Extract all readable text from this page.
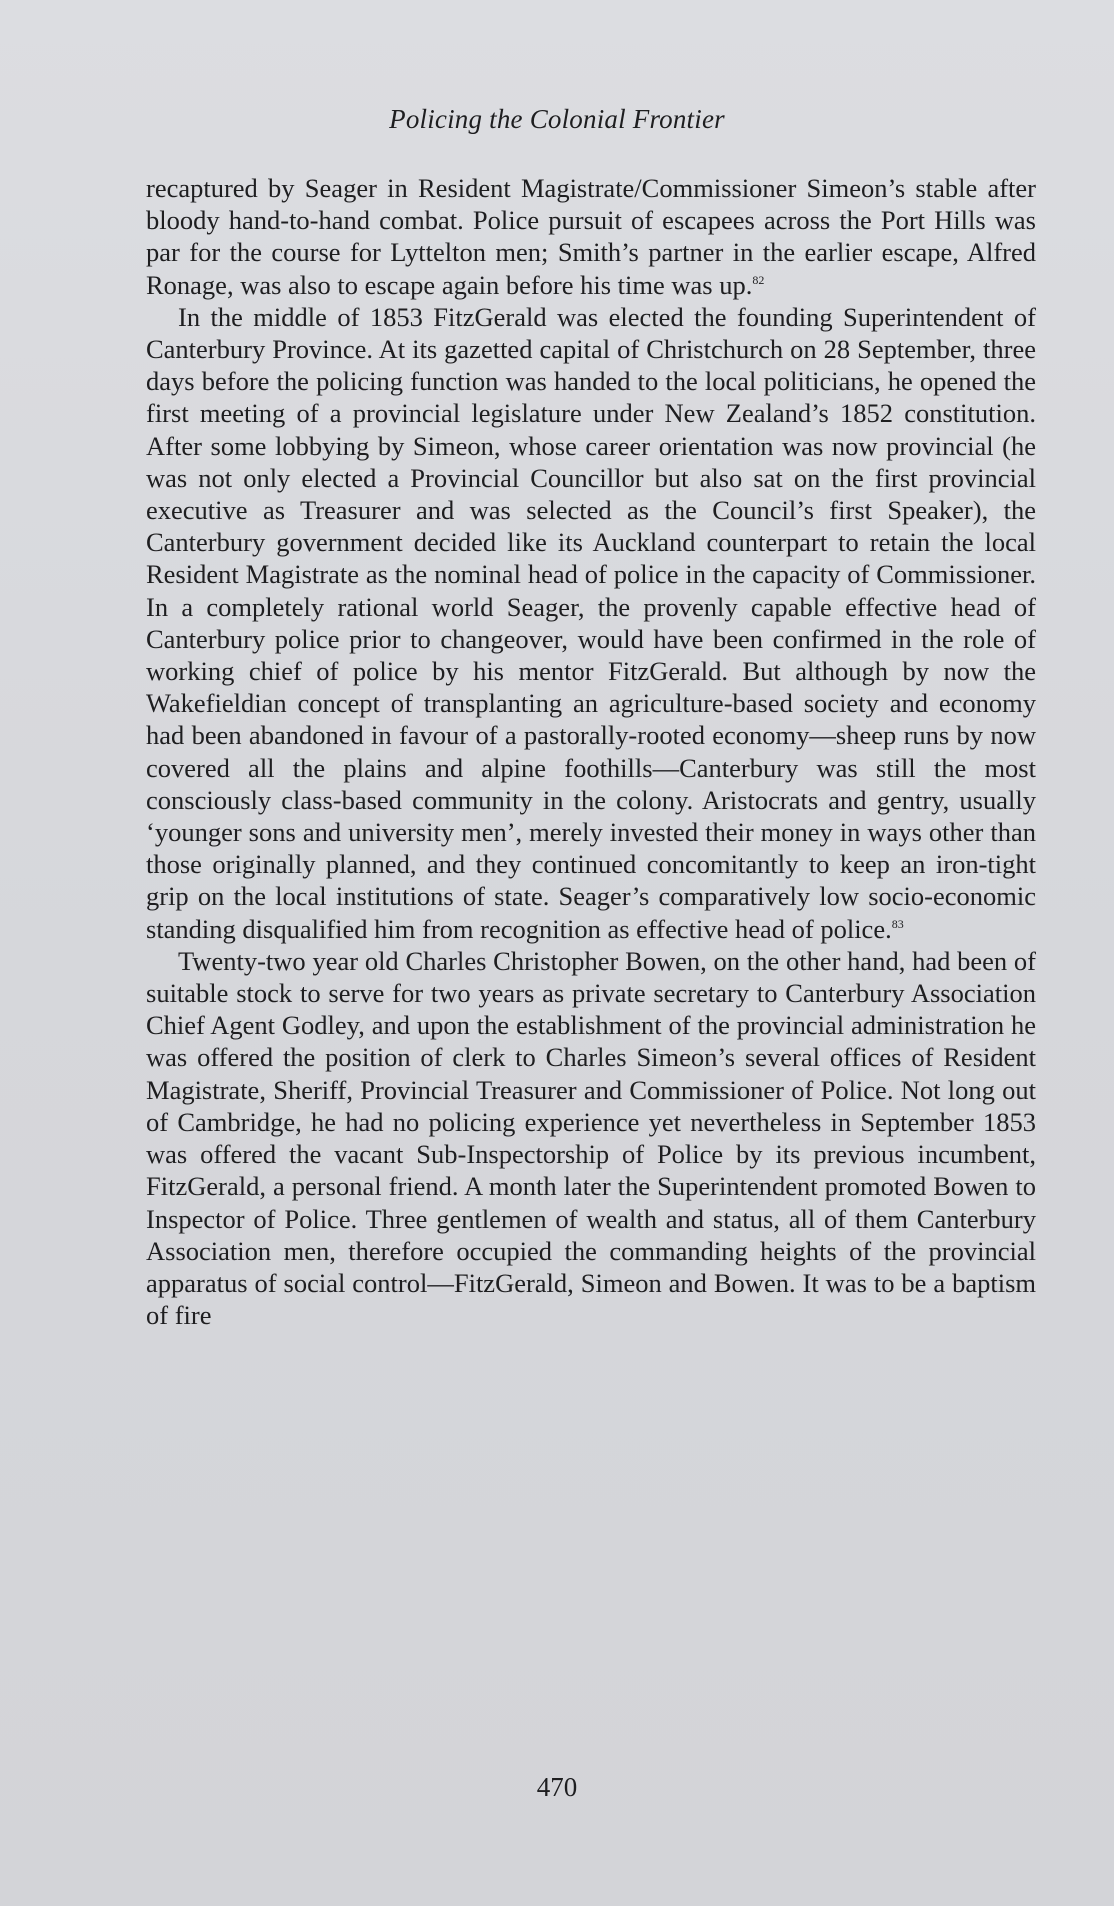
Policing the Colonial Frontier

recaptured by Seager in Resident Magistrate/Commissioner Simeon’s stable after bloody hand-to-hand combat. Police pursuit of escapees across the Port Hills was par for the course for Lyttelton men; Smith’s partner in the earlier escape, Alfred Ronage, was also to escape again before his time was up.$^{82}$

In the middle of 1853 FitzGerald was elected the founding Superintendent of Canterbury Province. At its gazetted capital of Christchurch on 28 September, three days before the policing function was handed to the local politicians, he opened the first meeting of a provincial legislature under New Zealand’s 1852 constitution. After some lobbying by Simeon, whose career orientation was now provincial (he was not only elected a Provincial Councillor but also sat on the first provincial executive as Treasurer and was selected as the Council’s first Speaker), the Canterbury government decided like its Auckland counterpart to retain the local Resident Magistrate as the nominal head of police in the capacity of Commissioner. In a completely rational world Seager, the provenly capable effective head of Canterbury police prior to changeover, would have been confirmed in the role of working chief of police by his mentor FitzGerald. But although by now the Wakefieldian concept of transplanting an agriculture-based society and economy had been abandoned in favour of a pastorally-rooted economy—sheep runs by now covered all the plains and alpine foothills—Canterbury was still the most consciously class-based community in the colony. Aristocrats and gentry, usually ‘younger sons and university men’, merely invested their money in ways other than those originally planned, and they continued concomitantly to keep an iron-tight grip on the local institutions of state. Seager’s comparatively low socio-economic standing disqualified him from recognition as effective head of police.$^{83}$

Twenty-two year old Charles Christopher Bowen, on the other hand, had been of suitable stock to serve for two years as private secretary to Canterbury Association Chief Agent Godley, and upon the establishment of the provincial administration he was offered the position of clerk to Charles Simeon’s several offices of Resident Magistrate, Sheriff, Provincial Treasurer and Commissioner of Police. Not long out of Cambridge, he had no policing experience yet nevertheless in September 1853 was offered the vacant Sub-Inspectorship of Police by its previous incumbent, FitzGerald, a personal friend. A month later the Superintendent promoted Bowen to Inspector of Police. Three gentlemen of wealth and status, all of them Canterbury Association men, therefore occupied the commanding heights of the provincial apparatus of social control—FitzGerald, Simeon and Bowen. It was to be a baptism of fire

470
